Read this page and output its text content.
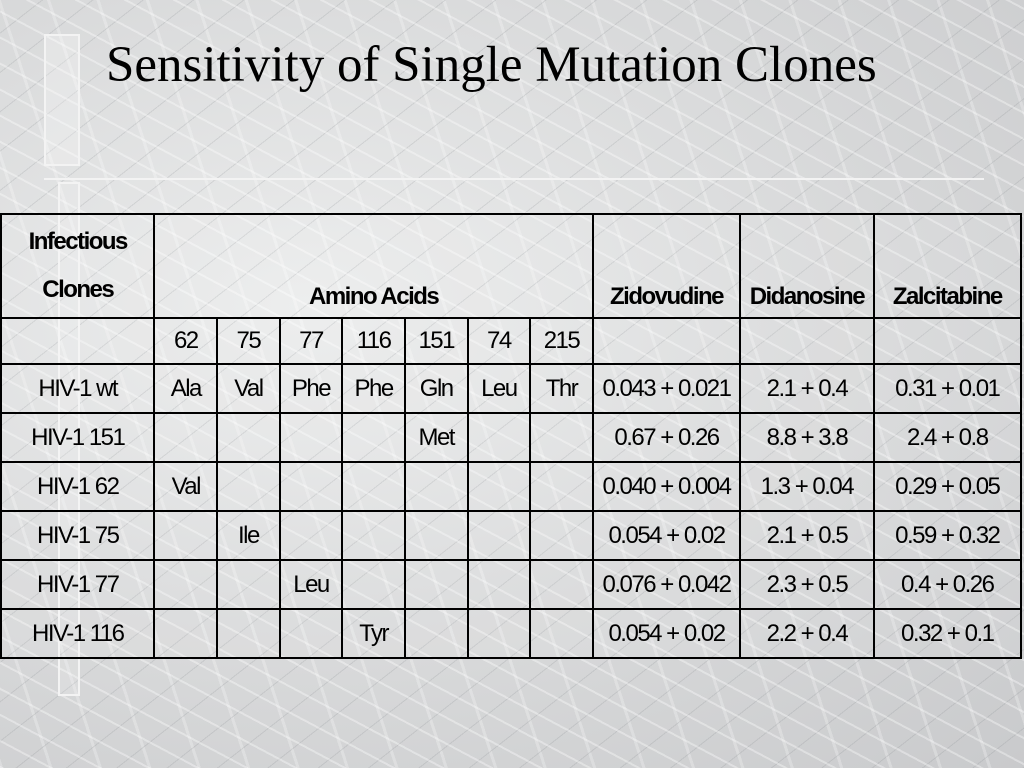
Sensitivity of Single Mutation Clones
Infectious Clones	Amino Acids							Zidovudine	Didanosine	Zalcitabine
	62	75	77	116	151	74	215			
HIV-1 wt	Ala	Val	Phe	Phe	Gln	Leu	Thr	0.043 + 0.021	2.1 + 0.4	0.31 + 0.01
HIV-1 151					Met			0.67 + 0.26	8.8 + 3.8	2.4 + 0.8
HIV-1 62	Val							0.040 + 0.004	1.3 + 0.04	0.29 + 0.05
HIV-1 75		Ile						0.054 + 0.02	2.1 + 0.5	0.59 + 0.32
HIV-1 77			Leu					0.076 + 0.042	2.3 + 0.5	0.4 + 0.26
HIV-1 116				Tyr				0.054 + 0.02	2.2 + 0.4	0.32 + 0.1
